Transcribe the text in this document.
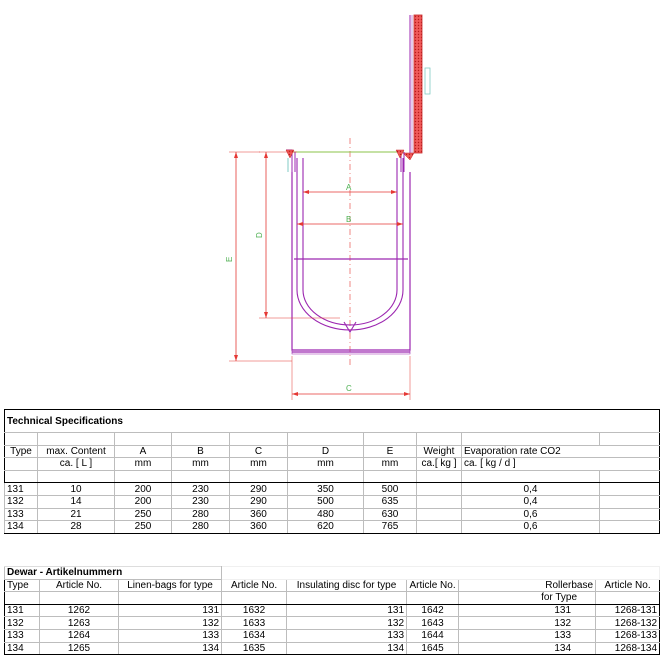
A
B
D
E
C
Technical Specifications									

Type	max. Content	A	B	C	D	E	Weight	Evaporation rate CO2	
	ca. [ L ]	mm	mm	mm	mm	mm	ca.[ kg ]	ca. [ kg / d ]	

131	10	200	230	290	350	500		0,4	
132	14	200	230	290	500	635		0,4	
133	21	250	280	360	480	630		0,6	
134	28	250	280	360	620	765		0,6	
Dewar - Artikelnummern							
Type	Article No.	Linen-bags for type	Article No.	Insulating disc for type	Article No.	Rollerbase	Article No.
						for Type	
131	1262	131	1632	131	1642	131	1268-131
132	1263	132	1633	132	1643	132	1268-132
133	1264	133	1634	133	1644	133	1268-133
134	1265	134	1635	134	1645	134	1268-134
